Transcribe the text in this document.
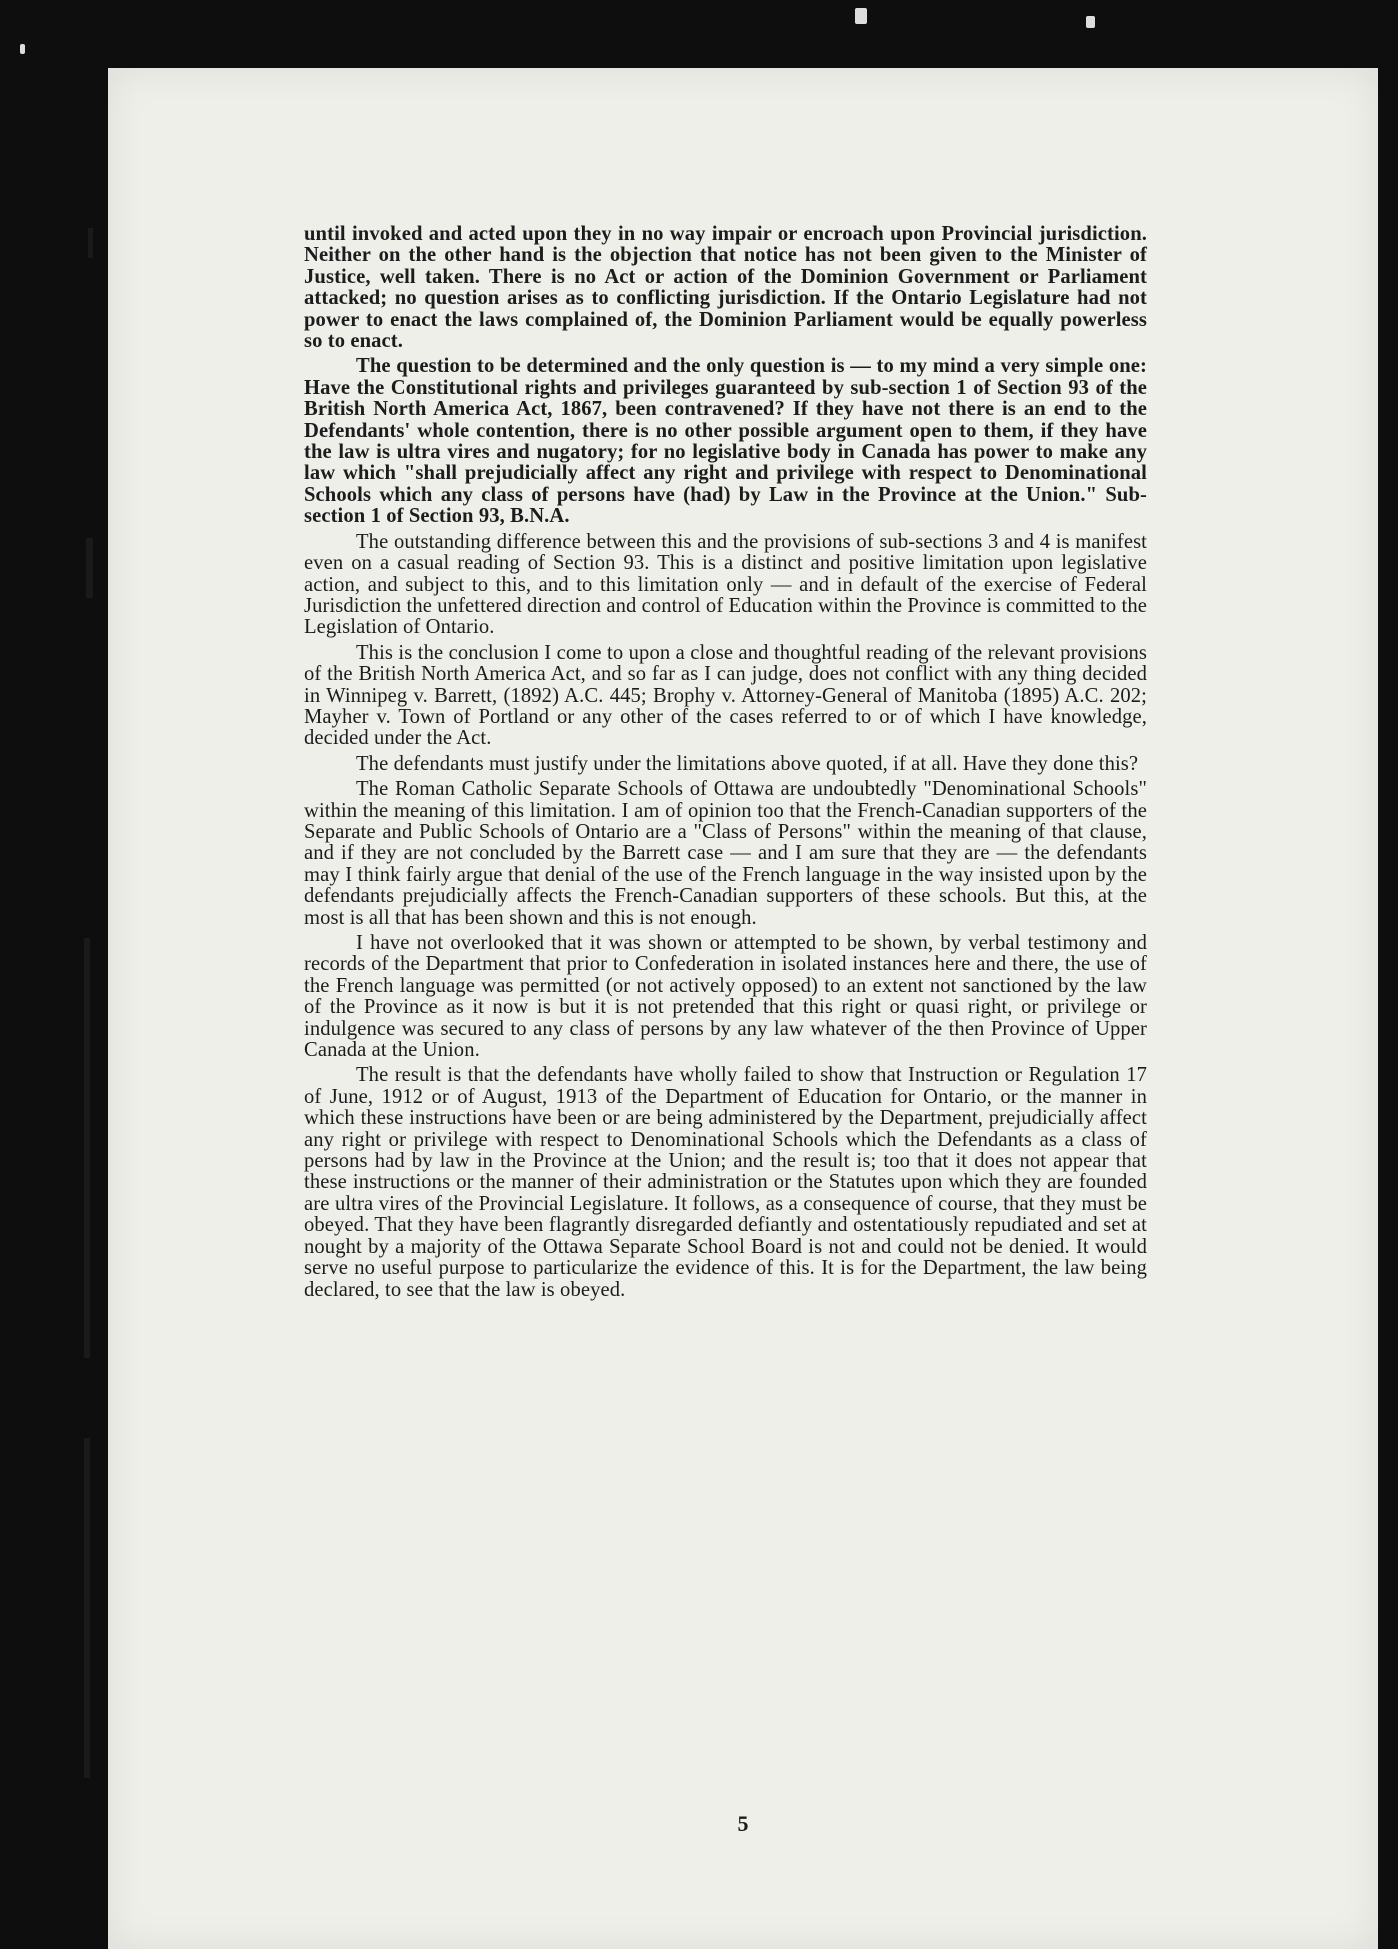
until invoked and acted upon they in no way impair or encroach upon Provincial jurisdiction. Neither on the other hand is the objection that notice has not been given to the Minister of Justice, well taken. There is no Act or action of the Dominion Government or Parliament attacked; no question arises as to conflicting jurisdiction. If the Ontario Legislature had not power to enact the laws complained of, the Dominion Parliament would be equally powerless so to enact.

The question to be determined and the only question is — to my mind a very simple one: Have the Constitutional rights and privileges guaranteed by sub-section 1 of Section 93 of the British North America Act, 1867, been contravened? If they have not there is an end to the Defendants' whole contention, there is no other possible argument open to them, if they have the law is ultra vires and nugatory; for no legislative body in Canada has power to make any law which "shall prejudicially affect any right and privilege with respect to Denominational Schools which any class of persons have (had) by Law in the Province at the Union." Sub-section 1 of Section 93, B.N.A.

The outstanding difference between this and the provisions of sub-sections 3 and 4 is manifest even on a casual reading of Section 93. This is a distinct and positive limitation upon legislative action, and subject to this, and to this limitation only — and in default of the exercise of Federal Jurisdiction the unfettered direction and control of Education within the Province is committed to the Legislation of Ontario.

This is the conclusion I come to upon a close and thoughtful reading of the relevant provisions of the British North America Act, and so far as I can judge, does not conflict with any thing decided in Winnipeg v. Barrett, (1892) A.C. 445; Brophy v. Attorney-General of Manitoba (1895) A.C. 202; Mayher v. Town of Portland or any other of the cases referred to or of which I have knowledge, decided under the Act.

The defendants must justify under the limitations above quoted, if at all. Have they done this?

The Roman Catholic Separate Schools of Ottawa are undoubtedly "Denominational Schools" within the meaning of this limitation. I am of opinion too that the French-Canadian supporters of the Separate and Public Schools of Ontario are a "Class of Persons" within the meaning of that clause, and if they are not concluded by the Barrett case — and I am sure that they are — the defendants may I think fairly argue that denial of the use of the French language in the way insisted upon by the defendants prejudicially affects the French-Canadian supporters of these schools. But this, at the most is all that has been shown and this is not enough.

I have not overlooked that it was shown or attempted to be shown, by verbal testimony and records of the Department that prior to Confederation in isolated instances here and there, the use of the French language was permitted (or not actively opposed) to an extent not sanctioned by the law of the Province as it now is but it is not pretended that this right or quasi right, or privilege or indulgence was secured to any class of persons by any law whatever of the then Province of Upper Canada at the Union.

The result is that the defendants have wholly failed to show that Instruction or Regulation 17 of June, 1912 or of August, 1913 of the Department of Education for Ontario, or the manner in which these instructions have been or are being administered by the Department, prejudicially affect any right or privilege with respect to Denominational Schools which the Defendants as a class of persons had by law in the Province at the Union; and the result is; too that it does not appear that these instructions or the manner of their administration or the Statutes upon which they are founded are ultra vires of the Provincial Legislature. It follows, as a consequence of course, that they must be obeyed. That they have been flagrantly disregarded defiantly and ostentatiously repudiated and set at nought by a majority of the Ottawa Separate School Board is not and could not be denied. It would serve no useful purpose to particularize the evidence of this. It is for the Department, the law being declared, to see that the law is obeyed.

5
